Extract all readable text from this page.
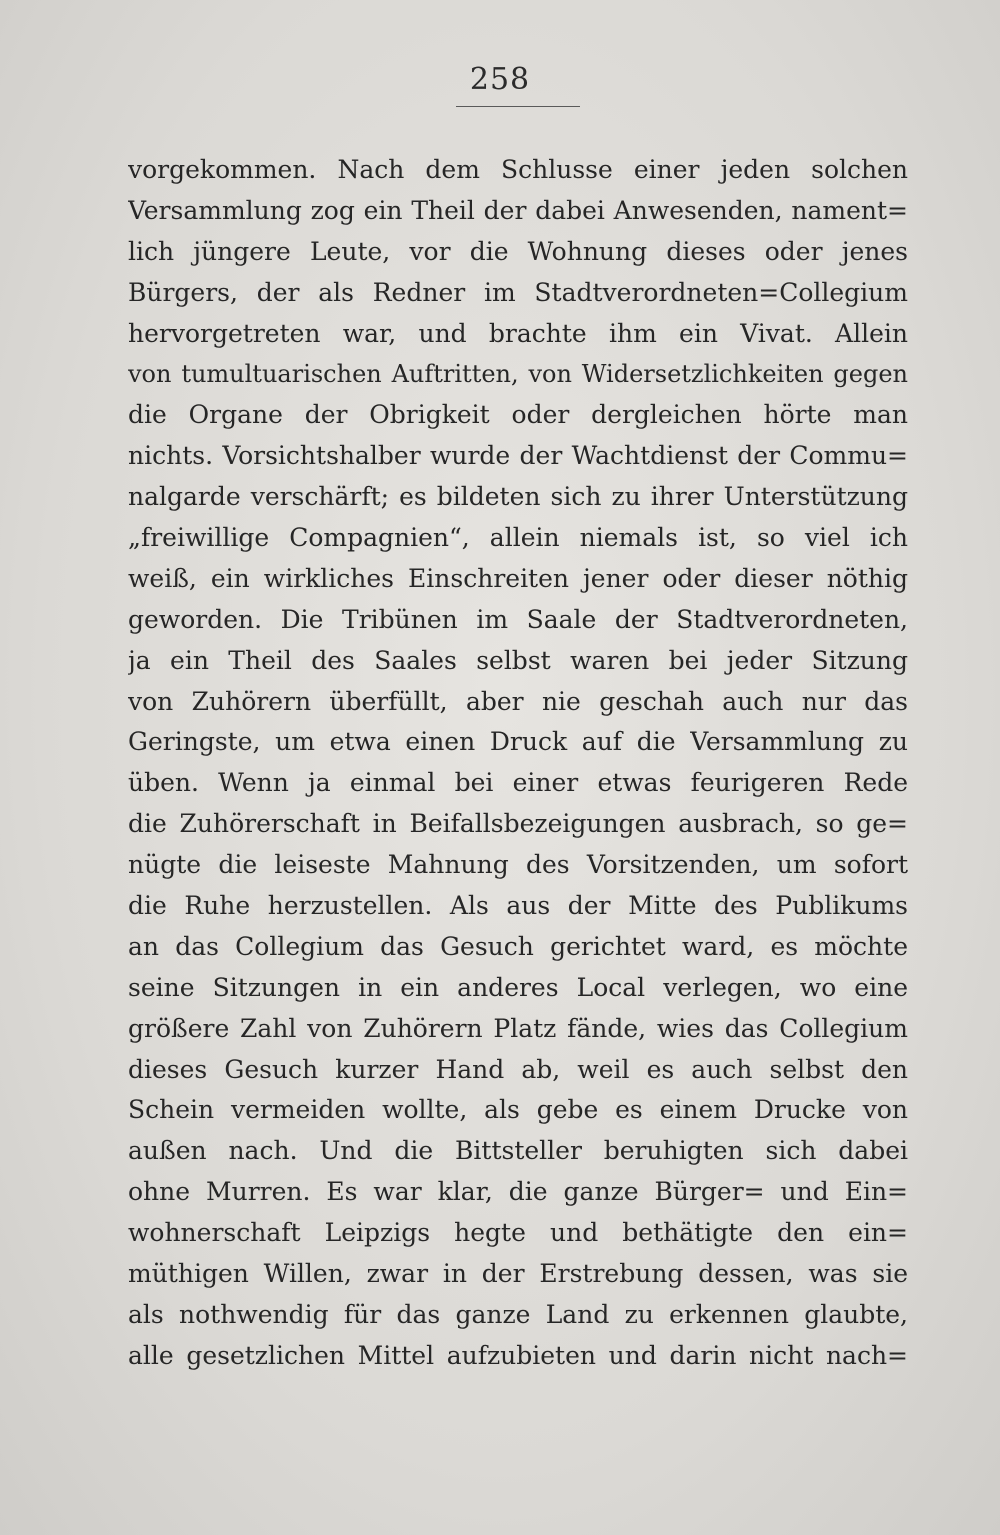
258
vorgekommen. Nach dem Schlusse einer jeden solchen
Versammlung zog ein Theil der dabei Anwesenden, nament=
lich jüngere Leute, vor die Wohnung dieses oder jenes
Bürgers, der als Redner im Stadtverordneten=Collegium
hervorgetreten war, und brachte ihm ein Vivat. Allein
von tumultuarischen Auftritten, von Widersetzlichkeiten gegen
die Organe der Obrigkeit oder dergleichen hörte man
nichts. Vorsichtshalber wurde der Wachtdienst der Commu=
nalgarde verschärft; es bildeten sich zu ihrer Unterstützung
„freiwillige Compagnien“, allein niemals ist, so viel ich
weiß, ein wirkliches Einschreiten jener oder dieser nöthig
geworden. Die Tribünen im Saale der Stadtverordneten,
ja ein Theil des Saales selbst waren bei jeder Sitzung
von Zuhörern überfüllt, aber nie geschah auch nur das
Geringste, um etwa einen Druck auf die Versammlung zu
üben. Wenn ja einmal bei einer etwas feurigeren Rede
die Zuhörerschaft in Beifallsbezeigungen ausbrach, so ge=
nügte die leiseste Mahnung des Vorsitzenden, um sofort
die Ruhe herzustellen. Als aus der Mitte des Publikums
an das Collegium das Gesuch gerichtet ward, es möchte
seine Sitzungen in ein anderes Local verlegen, wo eine
größere Zahl von Zuhörern Platz fände, wies das Collegium
dieses Gesuch kurzer Hand ab, weil es auch selbst den
Schein vermeiden wollte, als gebe es einem Drucke von
außen nach. Und die Bittsteller beruhigten sich dabei
ohne Murren. Es war klar, die ganze Bürger= und Ein=
wohnerschaft Leipzigs hegte und bethätigte den ein=
müthigen Willen, zwar in der Erstrebung dessen, was sie
als nothwendig für das ganze Land zu erkennen glaubte,
alle gesetzlichen Mittel aufzubieten und darin nicht nach=
